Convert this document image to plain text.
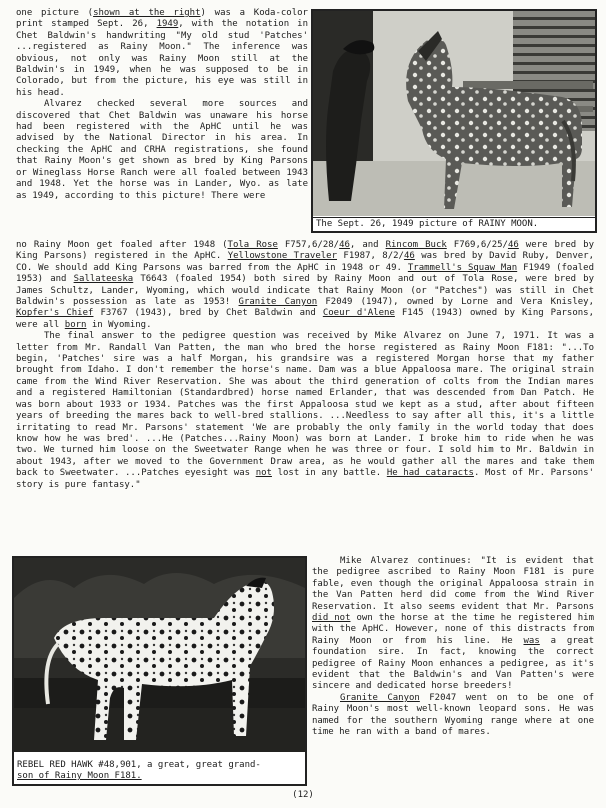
one picture (shown at the right) was a Koda-color print stamped Sept. 26, 1949, with the notation in Chet Baldwin's handwriting "My old stud 'Patches' ...registered as Rainy Moon." The inference was obvious, not only was Rainy Moon still at the Baldwin's in 1949, when he was supposed to be in Colorado, but from the picture, his eye was still in his head.

Alvarez checked several more sources and discovered that Chet Baldwin was unaware his horse had been registered with the ApHC until he was advised by the National Director in his area. In checking the ApHC and CRHA registrations, she found that Rainy Moon's get shown as bred by King Parsons or Wineglass Horse Ranch were all foaled between 1943 and 1948. Yet the horse was in Lander, Wyo. as late as 1949, according to this picture! There were

The Sept. 26, 1949 picture of RAINY MOON.

no Rainy Moon get foaled after 1948 (Tola Rose F757,6/28/46, and Rincom Buck F769,6/25/46 were bred by King Parsons) registered in the ApHC. Yellowstone Traveler F1987, 8/2/46 was bred by David Ruby, Denver, CO. We should add King Parsons was barred from the ApHC in 1948 or 49. Trammell's Squaw Man F1949 (foaled 1953) and Sallateeska T6643 (foaled 1954) both sired by Rainy Moon and out of Tola Rose, were bred by James Schultz, Lander, Wyoming, which would indicate that Rainy Moon (or "Patches") was still in Chet Baldwin's possession as late as 1953! Granite Canyon F2049 (1947), owned by Lorne and Vera Knisley, Kopfer's Chief F3767 (1943), bred by Chet Baldwin and Coeur d'Alene F145 (1943) owned by King Parsons, were all born in Wyoming.

The final answer to the pedigree question was received by Mike Alvarez on June 7, 1971. It was a letter from Mr. Randall Van Patten, the man who bred the horse registered as Rainy Moon F181: "...To begin, 'Patches' sire was a half Morgan, his grandsire was a registered Morgan horse that my father brought from Idaho. I don't remember the horse's name. Dam was a blue Appaloosa mare. The original strain came from the Wind River Reservation. She was about the third generation of colts from the Indian mares and a registered Hamiltonian (Standardbred) horse named Erlander, that was descended from Dan Patch. He was born about 1933 or 1934. Patches was the first Appaloosa stud we kept as a stud, after about fifteen years of breeding the mares back to well-bred stallions. ...Needless to say after all this, it's a little irritating to read Mr. Parsons' statement 'We are probably the only family in the world today that does know how he was bred'. ...He (Patches...Rainy Moon) was born at Lander. I broke him to ride when he was two. We turned him loose on the Sweetwater Range when he was three or four. I sold him to Mr. Baldwin in about 1943, after we moved to the Government Draw area, as he would gather all the mares and take them back to Sweetwater. ...Patches eyesight was not lost in any battle. He had cataracts. Most of Mr. Parsons' story is pure fantasy."

REBEL RED HAWK #48,901, a great, great grand-
son of Rainy Moon F181.

Mike Alvarez continues: "It is evident that the pedigree ascribed to Rainy Moon F181 is pure fable, even though the original Appaloosa strain in the Van Patten herd did come from the Wind River Reservation. It also seems evident that Mr. Parsons did not own the horse at the time he registered him with the ApHC. However, none of this distracts from Rainy Moon or from his line. He was a great foundation sire. In fact, knowing the correct pedigree of Rainy Moon enhances a pedigree, as it's evident that the Baldwin's and Van Patten's were sincere and dedicated horse breeders!

Granite Canyon F2047 went on to be one of Rainy Moon's most well-known leopard sons. He was named for the southern Wyoming range where at one time he ran with a band of mares.

(12)
